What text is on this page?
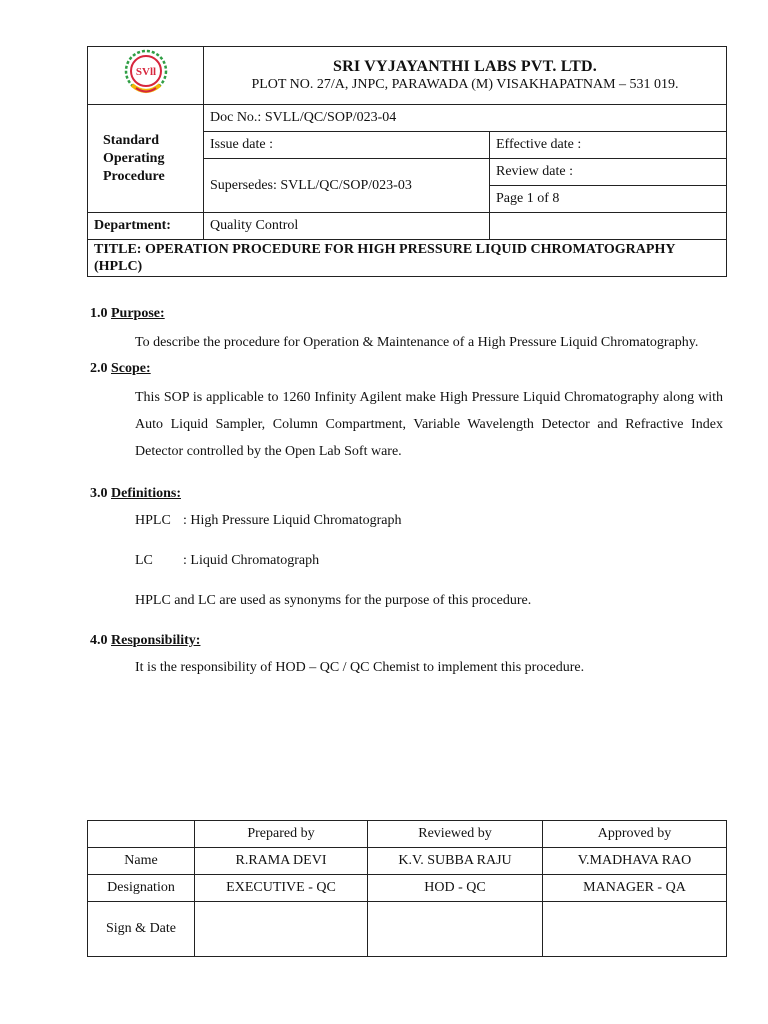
SVll	SRI VYJAYANTHI LABS PVT. LTD.
PLOT NO. 27/A, JNPC, PARAWADA (M) VISAKHAPATNAM – 531 019.	

Standard Operating Procedure	Doc No.: SVLL/QC/SOP/023-04	
	Issue date :	Effective date :
	Supersedes: SVLL/QC/SOP/023-03	Review date :
		Page 1 of 8
Department:	Quality Control	
TITLE: OPERATION PROCEDURE FOR HIGH PRESSURE LIQUID CHROMATOGRAPHY (HPLC)		

1.0 Purpose:

To describe the procedure for Operation & Maintenance of a High Pressure Liquid Chromatography.

2.0 Scope:

This SOP is applicable to 1260 Infinity Agilent make High Pressure Liquid Chromatography along with Auto Liquid Sampler, Column Compartment, Variable Wavelength Detector and Refractive Index Detector controlled by the Open Lab Soft ware.

3.0 Definitions:

HPLC : High Pressure Liquid Chromatograph

LC : Liquid Chromatograph

HPLC and LC are used as synonyms for the purpose of this procedure.

4.0 Responsibility:

It is the responsibility of HOD – QC / QC Chemist to implement this procedure.

	Prepared by	Reviewed by	Approved by
Name	R.RAMA DEVI	K.V. SUBBA RAJU	V.MADHAVA RAO
Designation	EXECUTIVE - QC	HOD - QC	MANAGER - QA
Sign & Date			
